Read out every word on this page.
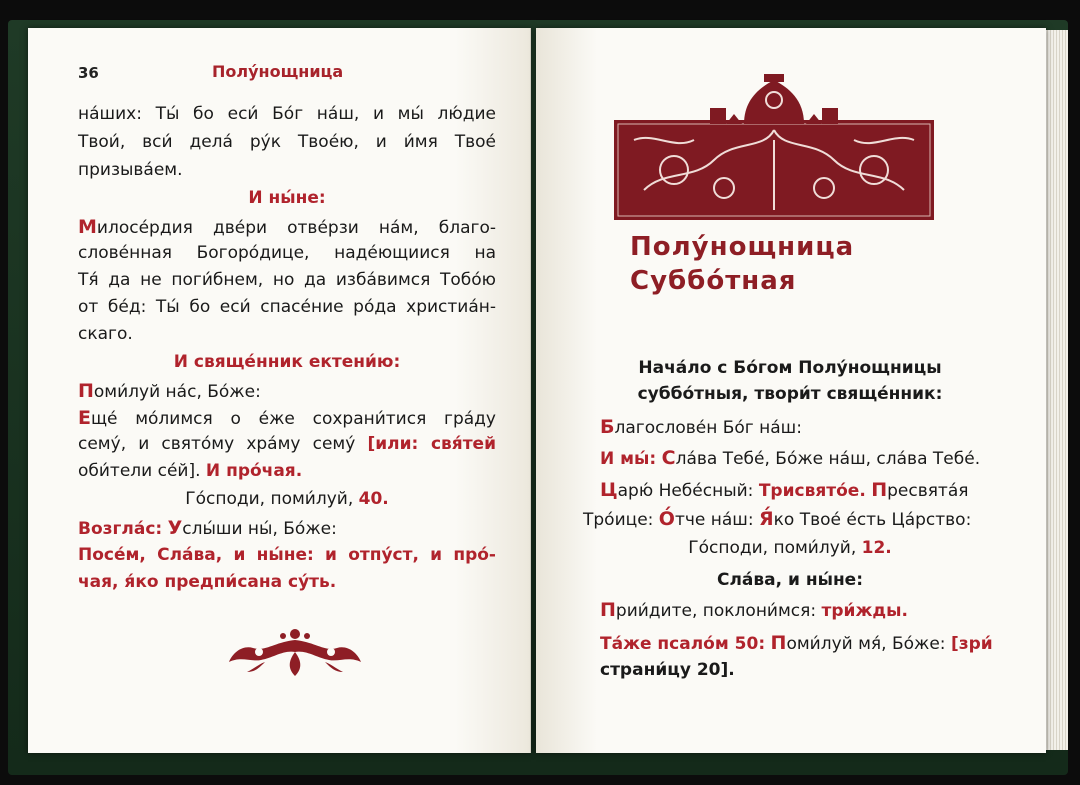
36	Полу́нощница
на́ших: Ты́ бо еси́ Бо́г на́ш, и мы́ лю́дие
Твои́, вси́ дела́ ру́к Твое́ю, и и́мя Твое́
призыва́ем.
И ны́не:
Милосе́рдия две́ри отве́рзи на́м, благо-
слове́нная Богоро́дице, наде́ющиися на
Тя́ да не поги́бнем, но да изба́вимся Тобо́ю
от бе́д: Ты́ бо еси́ спасе́ние ро́да христиа́н-
скаго.
И свяще́нник ектени́ю:
Поми́луй на́с, Бо́же:
Еще́ мо́лимся о е́же сохрани́тися гра́ду
сему́, и свято́му хра́му сему́ [или: свя́тей
оби́тели се́й]. И про́чая.
Го́споди, поми́луй, 40.
Возгла́с: Услы́ши ны́, Бо́же:
Посе́м, Сла́ва, и ны́не: и отпу́ст, и про́-
чая, я́ко предпи́сана су́ть.
Полу́нощница
Суббо́тная
Нача́ло с Бо́гом Полу́нощницы
суббо́тныя, твори́т свяще́нник:
Благослове́н Бо́г на́ш:
И мы́: Сла́ва Тебе́, Бо́же на́ш, сла́ва Тебе́.
Царю́ Небе́сный: Трисвято́е. Пресвята́я
Тро́ице: О́тче на́ш: Я́ко Твое́ е́сть Ца́рство:
Го́споди, поми́луй, 12.
Сла́ва, и ны́не:
Прии́дите, поклони́мся: три́жды.
Та́же псало́м 50: Поми́луй мя́, Бо́же: [зри́
страни́цу 20].
